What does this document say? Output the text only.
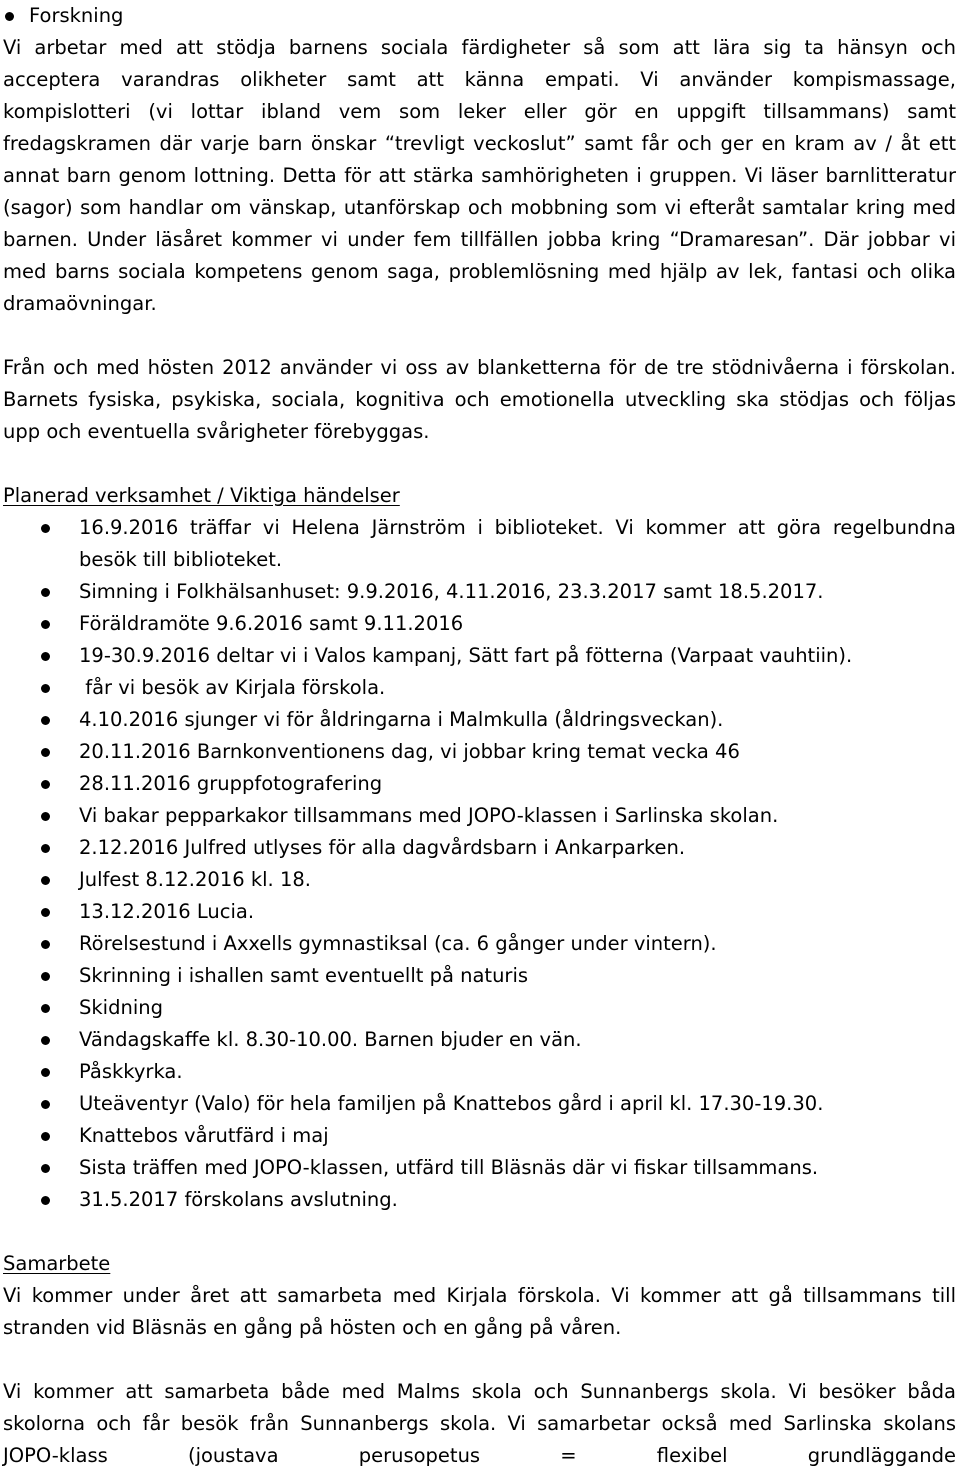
Forskning

Vi arbetar med att stödja barnens sociala färdigheter så som att lära sig ta hänsyn och acceptera varandras olikheter samt att känna empati. Vi använder kompismassage, kompislotteri (vi lottar ibland vem som leker eller gör en uppgift tillsammans) samt fredagskramen där varje barn önskar “trevligt veckoslut” samt får och ger en kram av / åt ett annat barn genom lottning. Detta för att stärka samhörigheten i gruppen. Vi läser barnlitteratur (sagor) som handlar om vänskap, utanförskap och mobbning som vi efteråt samtalar kring med barnen. Under läsåret kommer vi under fem tillfällen jobba kring “Dramaresan”. Där jobbar vi med barns sociala kompetens genom saga, problemlösning med hjälp av lek, fantasi och olika dramaövningar.

Från och med hösten 2012 använder vi oss av blanketterna för de tre stödnivåerna i förskolan. Barnets fysiska, psykiska, sociala, kognitiva och emotionella utveckling ska stödjas och följas upp och eventuella svårigheter förebyggas.

Planerad verksamhet / Viktiga händelser

16.9.2016 träffar vi Helena Järnström i biblioteket. Vi kommer att göra regelbundna besök till biblioteket.
Simning i Folkhälsanhuset: 9.9.2016, 4.11.2016, 23.3.2017 samt 18.5.2017.
Föräldramöte 9.6.2016 samt 9.11.2016
19-30.9.2016 deltar vi i Valos kampanj, Sätt fart på fötterna (Varpaat vauhtiin).
får vi besök av Kirjala förskola.
4.10.2016 sjunger vi för åldringarna i Malmkulla (åldringsveckan).
20.11.2016 Barnkonventionens dag, vi jobbar kring temat vecka 46
28.11.2016 gruppfotografering
Vi bakar pepparkakor tillsammans med JOPO-klassen i Sarlinska skolan.
2.12.2016 Julfred utlyses för alla dagvårdsbarn i Ankarparken.
Julfest 8.12.2016 kl. 18.
13.12.2016 Lucia.
Rörelsestund i Axxells gymnastiksal (ca. 6 gånger under vintern).
Skrinning i ishallen samt eventuellt på naturis
Skidning
Vändagskaffe kl. 8.30-10.00. Barnen bjuder en vän.
Påskkyrka.
Uteäventyr (Valo) för hela familjen på Knattebos gård i april kl. 17.30-19.30.
Knattebos vårutfärd i maj
Sista träffen med JOPO-klassen, utfärd till Bläsnäs där vi fiskar tillsammans.
31.5.2017 förskolans avslutning.

Samarbete

Vi kommer under året att samarbeta med Kirjala förskola. Vi kommer att gå tillsammans till stranden vid Bläsnäs en gång på hösten och en gång på våren.

Vi kommer att samarbeta både med Malms skola och Sunnanbergs skola. Vi besöker båda skolorna och får besök från Sunnanbergs skola. Vi samarbetar också med Sarlinska skolans JOPO-klass (joustava perusopetus = flexibel grundläggande
